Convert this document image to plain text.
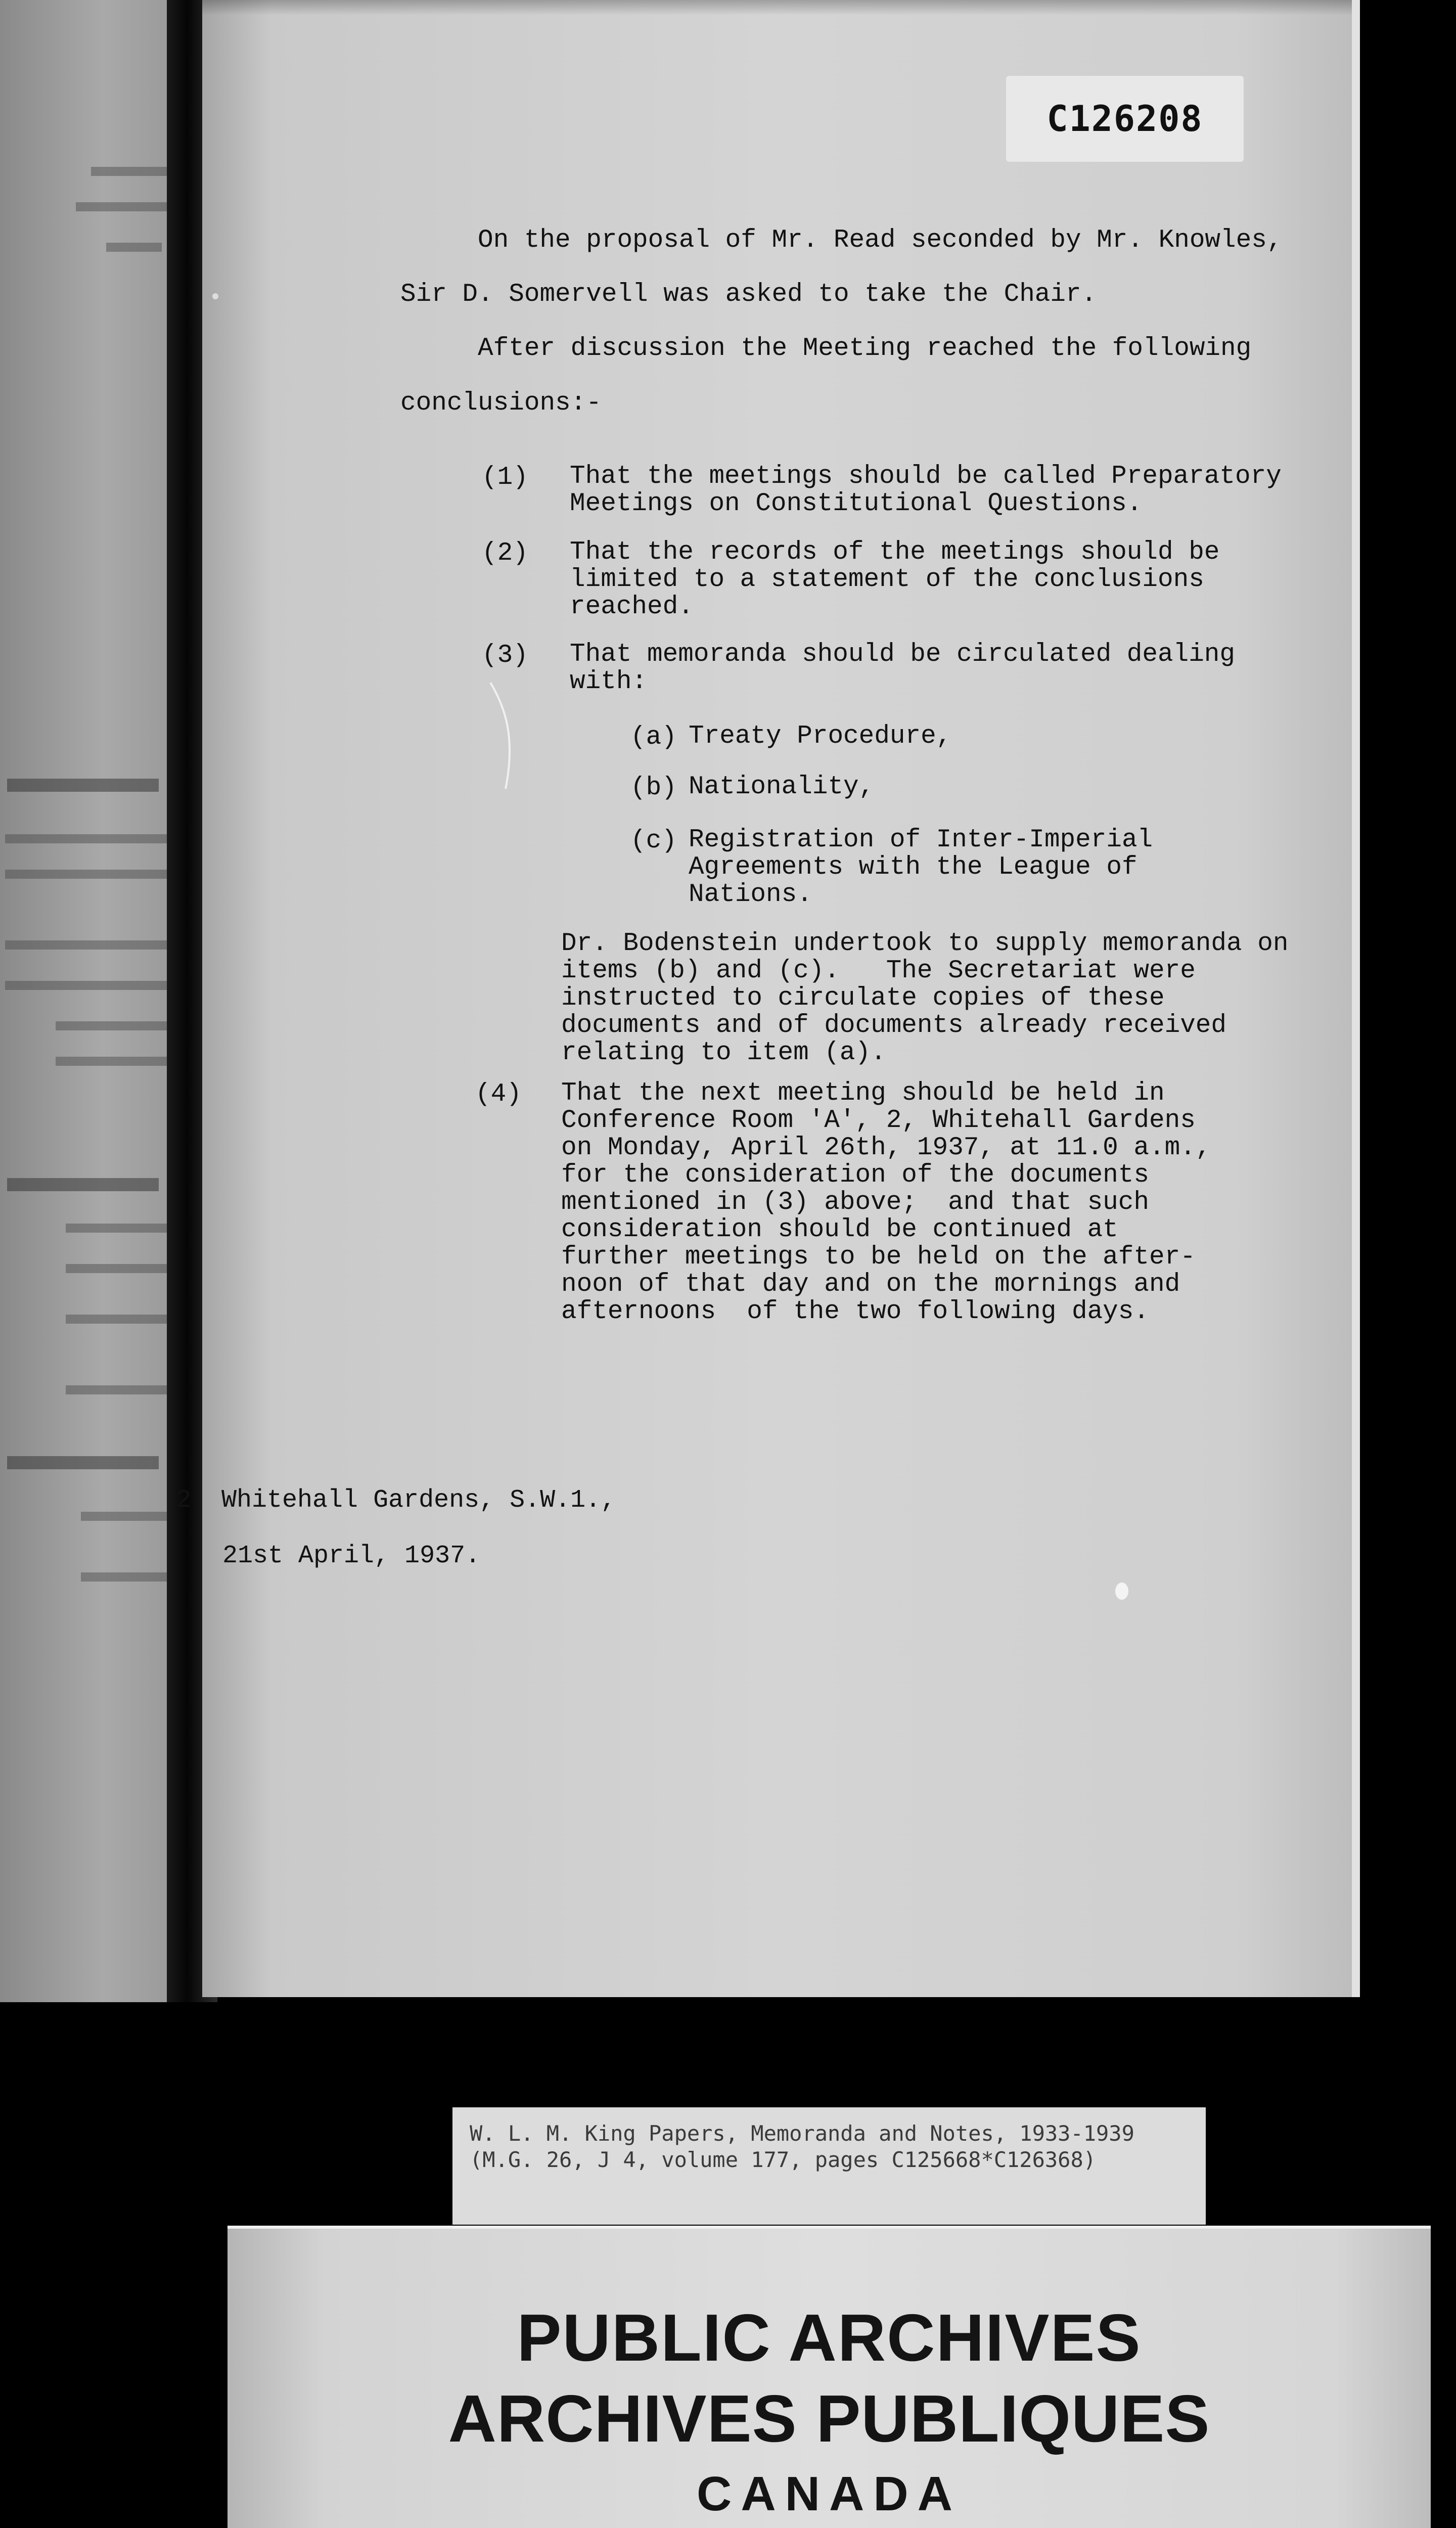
C126208
On the proposal of Mr. Read seconded by Mr. Knowles,
Sir D. Somervell was asked to take the Chair.
After discussion the Meeting reached the following
conclusions:-
(1) That the meetings should be called Preparatory
Meetings on Constitutional Questions.
(2) That the records of the meetings should be
limited to a statement of the conclusions
reached.
(3) That memoranda should be circulated dealing
with:
(a) Treaty Procedure,
(b) Nationality,
(c) Registration of Inter-Imperial
Agreements with the League of
Nations.
Dr. Bodenstein undertook to supply memoranda on
items (b) and (c).   The Secretariat were
instructed to circulate copies of these
documents and of documents already received
relating to item (a).
(4) That the next meeting should be held in
Conference Room 'A', 2, Whitehall Gardens
on Monday, April 26th, 1937, at 11.0 a.m.,
for the consideration of the documents
mentioned in (3) above;  and that such
consideration should be continued at
further meetings to be held on the after-
noon of that day and on the mornings and
afternoons  of the two following days.
2, Whitehall Gardens, S.W.1.,
21st April, 1937.
W. L. M. King Papers, Memoranda and Notes, 1933-1939
(M.G. 26, J 4, volume 177, pages C125668*C126368)
PUBLIC ARCHIVES
ARCHIVES PUBLIQUES
CANADA
